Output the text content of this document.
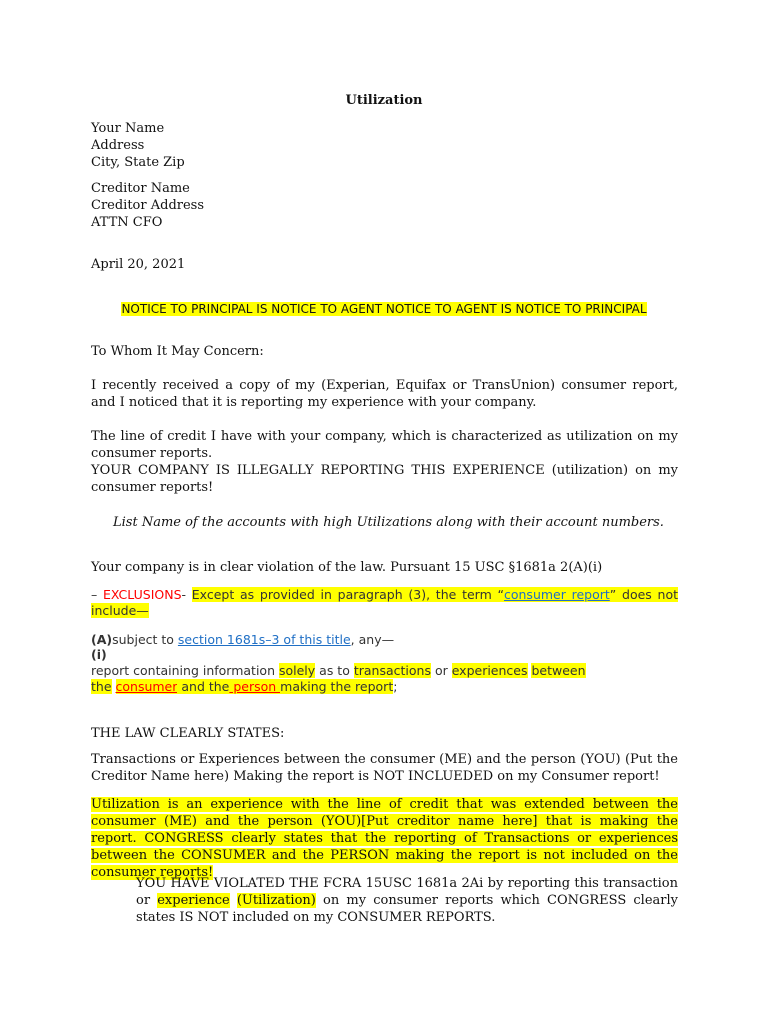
Utilization
Your Name
Address
City, State Zip
Creditor Name
Creditor Address
ATTN CFO
April 20, 2021
NOTICE TO PRINCIPAL IS NOTICE TO AGENT NOTICE TO AGENT IS NOTICE TO PRINCIPAL
To Whom It May Concern:

I recently received a copy of my (Experian, Equifax or TransUnion) consumer report, and I noticed that it is reporting my experience with your company.

The line of credit I have with your company, which is characterized as utilization on my consumer reports.

YOUR COMPANY IS ILLEGALLY REPORTING THIS EXPERIENCE (utilization) on my consumer reports!

List Name of the accounts with high Utilizations along with their account numbers.
Your company is in clear violation of the law. Pursuant 15 USC §1681a 2(A)(i)
– EXCLUSIONS- Except as provided in paragraph (3), the term “consumer report” does not include—
(A)subject to section 1681s–3 of this title, any—
(i)
report containing information solely as to transactions or experiences between
the consumer and the person making the report;
THE LAW CLEARLY STATES:

Transactions or Experiences between the consumer (ME) and the person (YOU) (Put the Creditor Name here) Making the report is NOT INCLUEDED on my Consumer report!

Utilization is an experience with the line of credit that was extended between the consumer (ME) and the person (YOU)[Put creditor name here] that is making the report. CONGRESS clearly states that the reporting of Transactions or experiences between the CONSUMER and the PERSON making the report is not included on the consumer reports!

YOU HAVE VIOLATED THE FCRA 15USC 1681a 2Ai by reporting this transaction or experience (Utilization) on my consumer reports which CONGRESS clearly states IS NOT included on my CONSUMER REPORTS.
